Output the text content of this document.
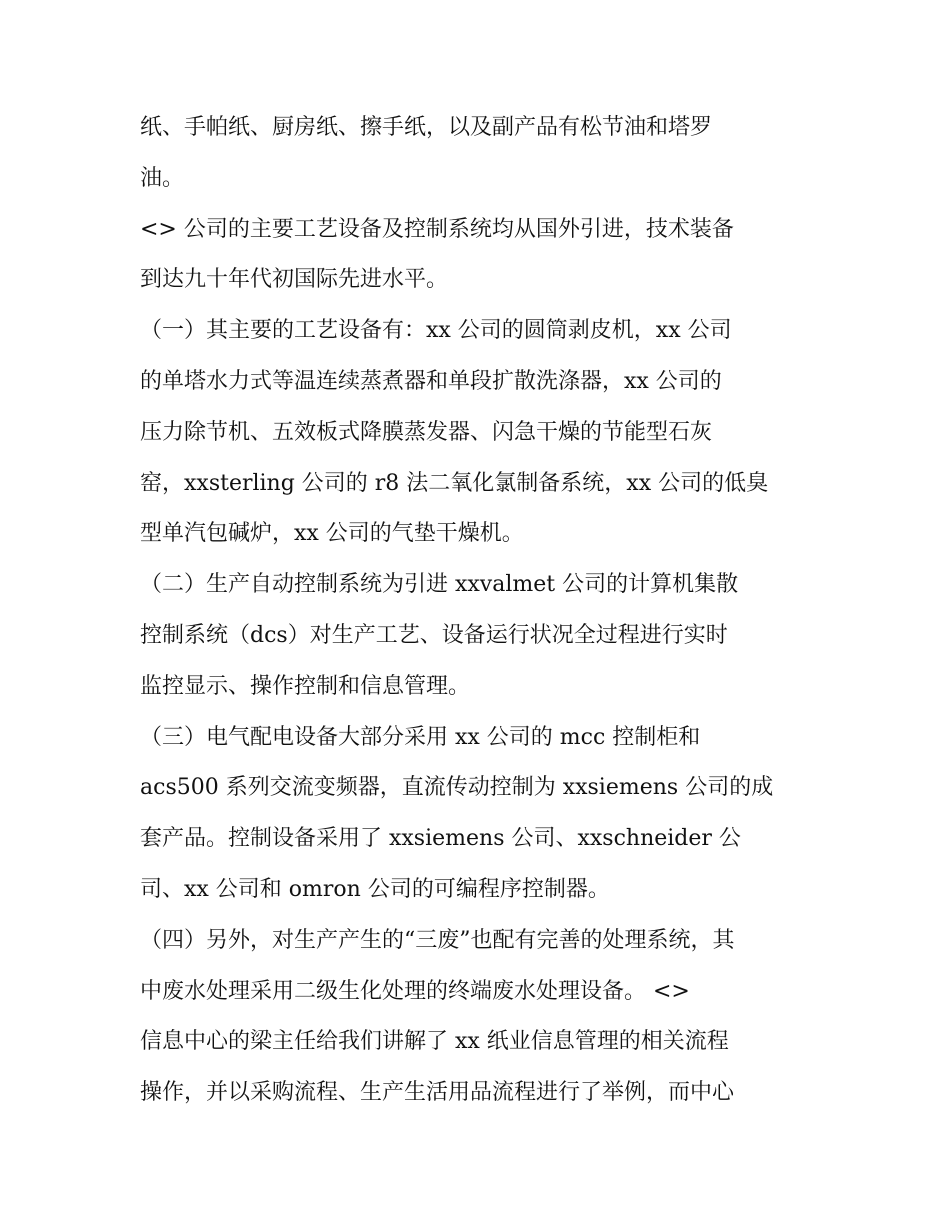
纸、手帕纸、厨房纸、擦手纸，以及副产品有松节油和塔罗
油。
<> 公司的主要工艺设备及控制系统均从国外引进，技术装备
到达九十年代初国际先进水平。
（一）其主要的工艺设备有：xx 公司的圆筒剥皮机，xx 公司
的单塔水力式等温连续蒸煮器和单段扩散洗涤器，xx 公司的
压力除节机、五效板式降膜蒸发器、闪急干燥的节能型石灰
窑，xxsterling 公司的 r8 法二氧化氯制备系统，xx 公司的低臭
型单汽包碱炉，xx 公司的气垫干燥机。
（二）生产自动控制系统为引进 xxvalmet 公司的计算机集散
控制系统（dcs）对生产工艺、设备运行状况全过程进行实时
监控显示、操作控制和信息管理。
（三）电气配电设备大部分采用 xx 公司的 mcc 控制柜和
acs500 系列交流变频器，直流传动控制为 xxsiemens 公司的成
套产品。控制设备采用了 xxsiemens 公司、xxschneider 公
司、xx 公司和 omron 公司的可编程序控制器。
（四）另外，对生产产生的“三废”也配有完善的处理系统，其
中废水处理采用二级生化处理的终端废水处理设备。 <>
信息中心的梁主任给我们讲解了 xx 纸业信息管理的相关流程
操作，并以采购流程、生产生活用品流程进行了举例，而中心
